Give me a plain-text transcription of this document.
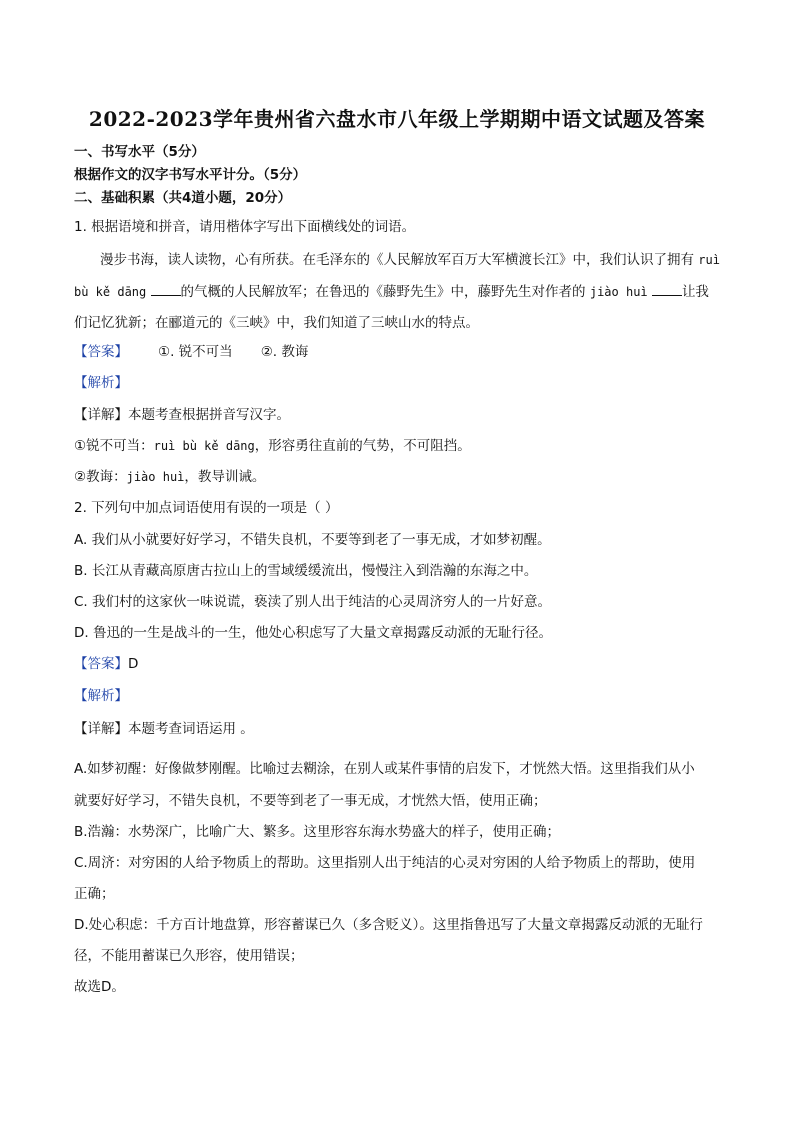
2022-2023学年贵州省六盘水市八年级上学期期中语文试题及答案
一、书写水平（5分）
根据作文的汉字书写水平计分。（5分）
二、基础积累（共4道小题，20分）
1. 根据语境和拼音，请用楷体字写出下面横线处的词语。
漫步书海，读人读物，心有所获。在毛泽东的《人民解放军百万大军横渡长江》中，我们认识了拥有 ruì
bù kě dāng	的气概的人民解放军；在鲁迅的《藤野先生》中，藤野先生对作者的 jiào huì	让我
们记忆犹新；在郦道元的《三峡》中，我们知道了三峡山水的特点。
【答案】 ①. 锐不可当 ②. 教诲
【解析】
【详解】本题考查根据拼音写汉字。
①锐不可当：ruì bù kě dāng，形容勇往直前的气势，不可阻挡。
②教诲：jiào huì，教导训诫。
2. 下列句中加点词语使用有误的一项是（ ）
A. 我们从小就要好好学习，不错失良机，不要等到老了一事无成，才如梦初醒。
B. 长江从青藏高原唐古拉山上的雪域缓缓流出，慢慢注入到浩瀚的东海之中。
C. 我们村的这家伙一味说谎，亵渎了别人出于纯洁的心灵周济穷人的一片好意。
D. 鲁迅的一生是战斗的一生，他处心积虑写了大量文章揭露反动派的无耻行径。
【答案】D
【解析】
【详解】本题考查词语运用 。
A.如梦初醒：好像做梦刚醒。比喻过去糊涂，在别人或某件事情的启发下，才恍然大悟。这里指我们从小
就要好好学习，不错失良机，不要等到老了一事无成，才恍然大悟，使用正确；
B.浩瀚：水势深广，比喻广大、繁多。这里形容东海水势盛大的样子，使用正确；
C.周济：对穷困的人给予物质上的帮助。这里指别人出于纯洁的心灵对穷困的人给予物质上的帮助，使用
正确；
D.处心积虑：千方百计地盘算，形容蓄谋已久（多含贬义）。这里指鲁迅写了大量文章揭露反动派的无耻行
径，不能用蓄谋已久形容，使用错误；
故选D。
